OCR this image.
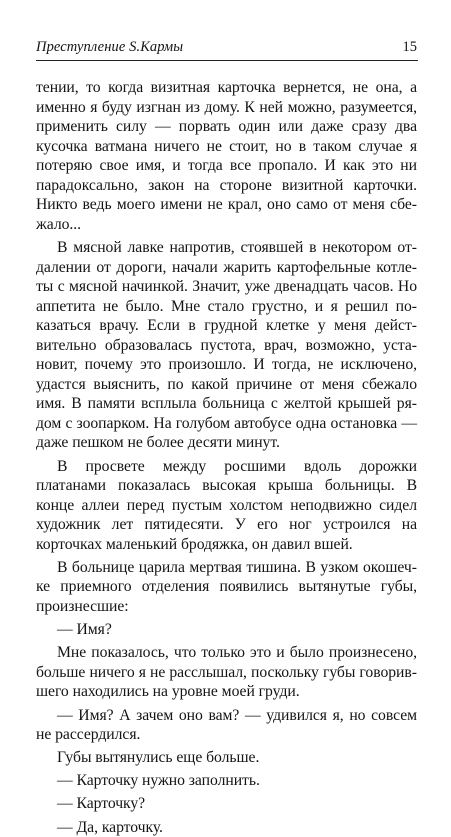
Преступление S.Кармы	15

тении, то когда визитная карточка вернется, не она, а именно я буду изгнан из дому. К ней можно, разумеется, применить силу — порвать один или даже сразу два кусочка ватмана ничего не стоит, но в таком случае я потеряю свое имя, и тогда все пропало. И как это ни парадоксально, закон на стороне визитной карточки. Никто ведь моего имени не крал, оно само от меня сбежало...

В мясной лавке напротив, стоявшей в некотором отдалении от дороги, начали жарить картофельные котлеты с мясной начинкой. Значит, уже двенадцать часов. Но аппетита не было. Мне стало грустно, и я решил показаться врачу. Если в грудной клетке у меня действительно образовалась пустота, врач, возможно, установит, почему это произошло. И тогда, не исключено, удастся выяснить, по какой причине от меня сбежало имя. В памяти всплыла больница с желтой крышей рядом с зоопарком. На голубом автобусе одна остановка — даже пешком не более десяти минут.

В просвете между росшими вдоль дорожки платанами показалась высокая крыша больницы. В конце аллеи перед пустым холстом неподвижно сидел художник лет пятидесяти. У его ног устроился на корточках маленький бродяжка, он давил вшей.

В больнице царила мертвая тишина. В узком окошечке приемного отделения появились вытянутые губы, произнесшие:

— Имя?

Мне показалось, что только это и было произнесено, больше ничего я не расслышал, поскольку губы говорившего находились на уровне моей груди.

— Имя? А зачем оно вам? — удивился я, но совсем не рассердился.

Губы вытянулись еще больше.

— Карточку нужно заполнить.

— Карточку?

— Да, карточку.
